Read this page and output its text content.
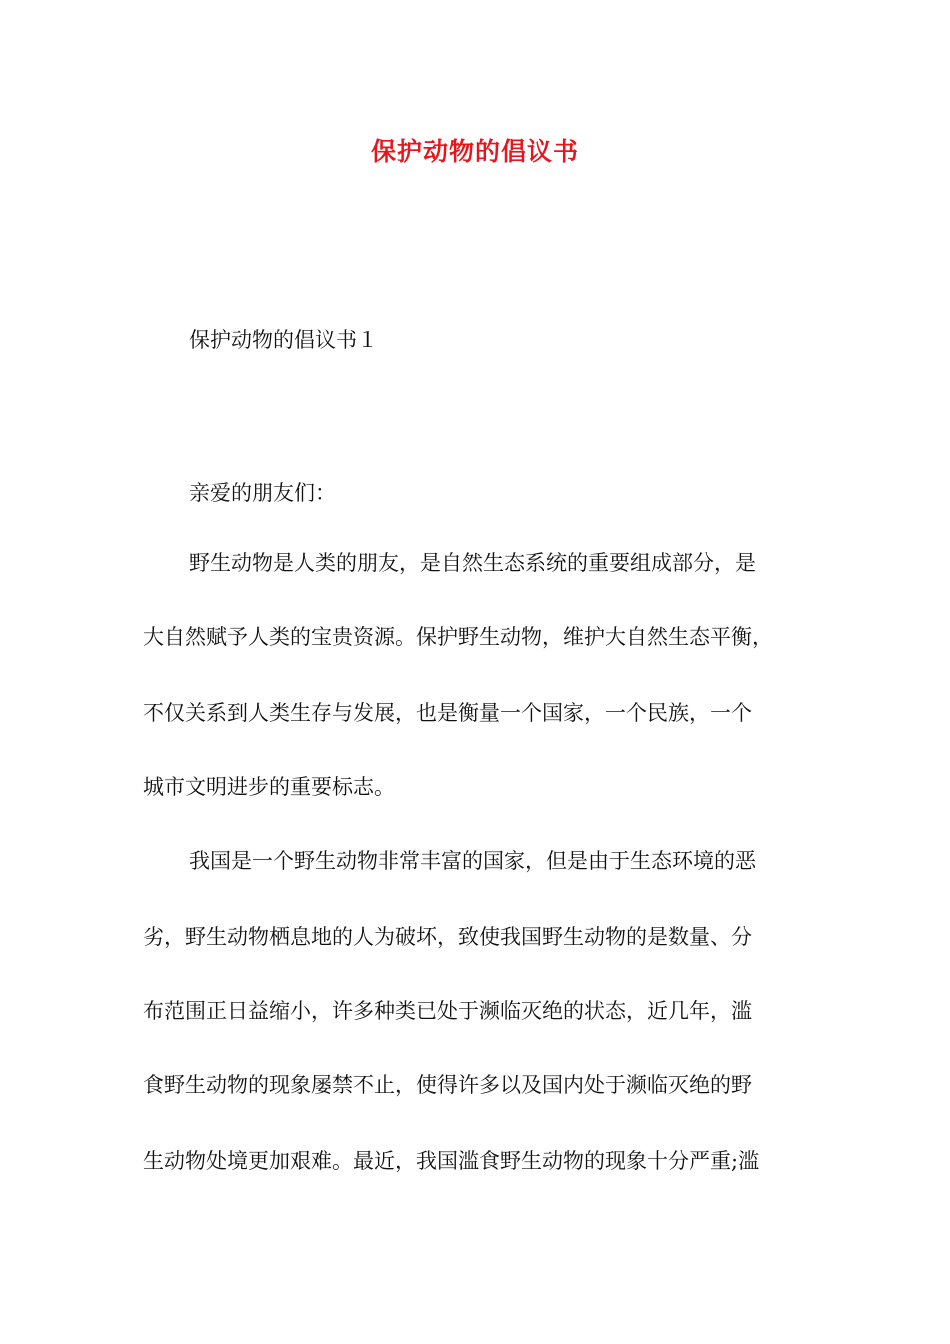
保护动物的倡议书
保护动物的倡议书１
亲爱的朋友们：
野生动物是人类的朋友，是自然生态系统的重要组成部分，是
大自然赋予人类的宝贵资源。保护野生动物，维护大自然生态平衡，
不仅关系到人类生存与发展，也是衡量一个国家，一个民族，一个
城市文明进步的重要标志。
我国是一个野生动物非常丰富的国家，但是由于生态环境的恶
劣，野生动物栖息地的人为破坏，致使我国野生动物的是数量、分
布范围正日益缩小，许多种类已处于濒临灭绝的状态，近几年，滥
食野生动物的现象屡禁不止，使得许多以及国内处于濒临灭绝的野
生动物处境更加艰难。最近，我国滥食野生动物的现象十分严重;滥
